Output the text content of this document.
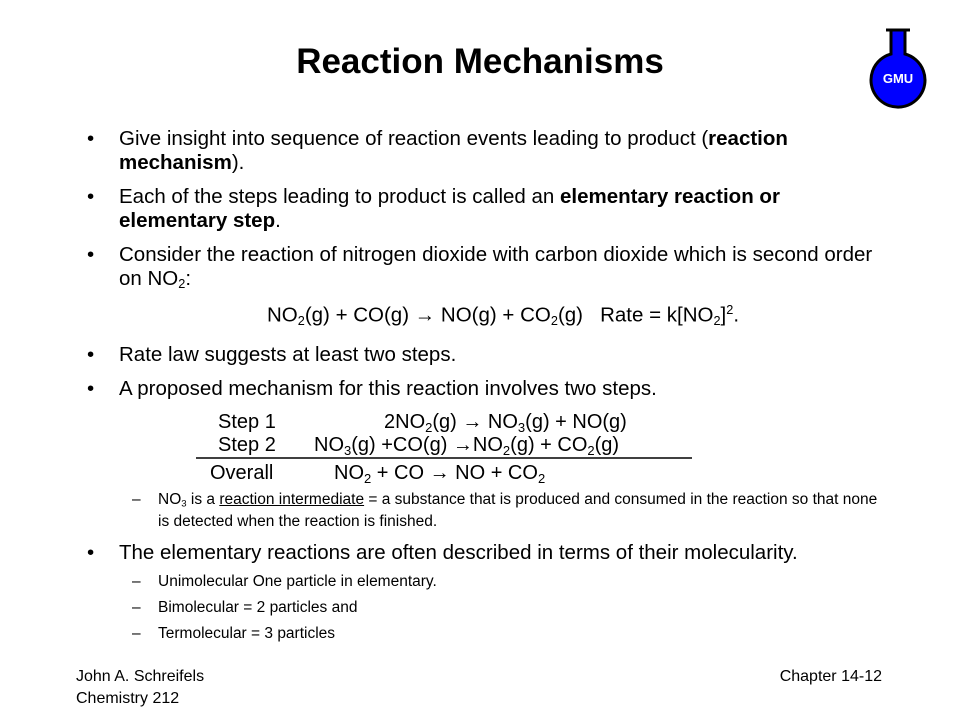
Reaction Mechanisms	GMU
• Give insight into sequence of reaction events leading to product (reaction mechanism).
• Each of the steps leading to product is called an elementary reaction or elementary step.
• Consider the reaction of nitrogen dioxide with carbon dioxide which is second order on $NO_2$:
$NO_2(g) + CO(g) \to NO(g) + CO_2(g)$   Rate = $k[NO_2]^2$.
• Rate law suggests at least two steps.
• A proposed mechanism for this reaction involves two steps.
Step 1	$2NO_2(g) \to NO_3(g) + NO(g)$
Step 2 $NO_3(g) +CO(g) \to NO_2(g) + CO_2(g)$
Overall	$NO_2$ + CO → NO + $CO_2$
– $NO_3$ is a reaction intermediate = a substance that is produced and consumed in the reaction so that none is detected when the reaction is finished.
• The elementary reactions are often described in terms of their molecularity.
– Unimolecular One particle in elementary.
– Bimolecular = 2 particles and
– Termolecular = 3 particles
John A. Schreifels
Chemistry 212
Chapter 14-12
